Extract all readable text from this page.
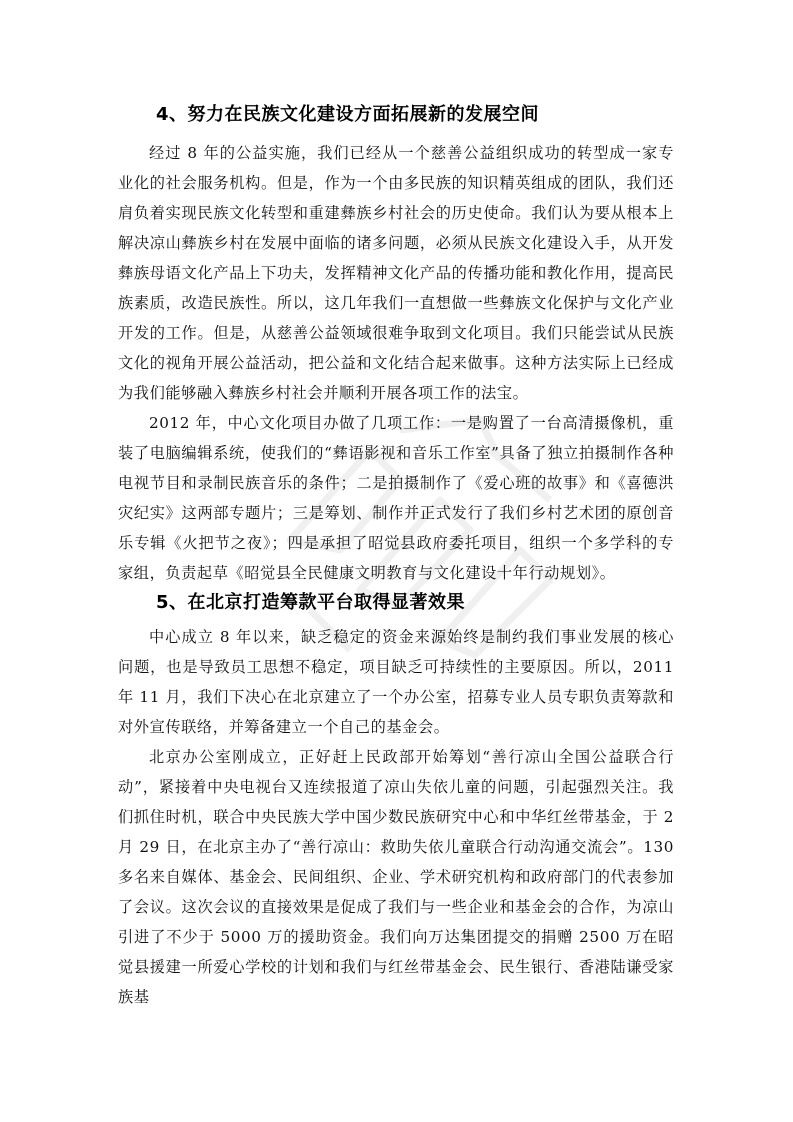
4、努力在民族文化建设方面拓展新的发展空间

经过 8 年的公益实施，我们已经从一个慈善公益组织成功的转型成一家专业化的社会服务机构。但是，作为一个由多民族的知识精英组成的团队，我们还肩负着实现民族文化转型和重建彝族乡村社会的历史使命。我们认为要从根本上解决凉山彝族乡村在发展中面临的诸多问题，必须从民族文化建设入手，从开发彝族母语文化产品上下功夫，发挥精神文化产品的传播功能和教化作用，提高民族素质，改造民族性。所以，这几年我们一直想做一些彝族文化保护与文化产业开发的工作。但是，从慈善公益领域很难争取到文化项目。我们只能尝试从民族文化的视角开展公益活动，把公益和文化结合起来做事。这种方法实际上已经成为我们能够融入彝族乡村社会并顺利开展各项工作的法宝。

2012 年，中心文化项目办做了几项工作：一是购置了一台高清摄像机，重装了电脑编辑系统，使我们的“彝语影视和音乐工作室”具备了独立拍摄制作各种电视节目和录制民族音乐的条件；二是拍摄制作了《爱心班的故事》和《喜德洪灾纪实》这两部专题片；三是筹划、制作并正式发行了我们乡村艺术团的原创音乐专辑《火把节之夜》；四是承担了昭觉县政府委托项目，组织一个多学科的专家组，负责起草《昭觉县全民健康文明教育与文化建设十年行动规划》。

5、在北京打造筹款平台取得显著效果

中心成立 8 年以来，缺乏稳定的资金来源始终是制约我们事业发展的核心问题，也是导致员工思想不稳定，项目缺乏可持续性的主要原因。所以，2011 年 11 月，我们下决心在北京建立了一个办公室，招募专业人员专职负责筹款和对外宣传联络，并筹备建立一个自己的基金会。

北京办公室刚成立，正好赶上民政部开始筹划“善行凉山全国公益联合行动”，紧接着中央电视台又连续报道了凉山失依儿童的问题，引起强烈关注。我们抓住时机，联合中央民族大学中国少数民族研究中心和中华红丝带基金，于 2 月 29 日，在北京主办了“善行凉山：救助失依儿童联合行动沟通交流会”。130 多名来自媒体、基金会、民间组织、企业、学术研究机构和政府部门的代表参加了会议。这次会议的直接效果是促成了我们与一些企业和基金会的合作，为凉山引进了不少于 5000 万的援助资金。我们向万达集团提交的捐赠 2500 万在昭觉县援建一所爱心学校的计划和我们与红丝带基金会、民生银行、香港陆谦受家族基
